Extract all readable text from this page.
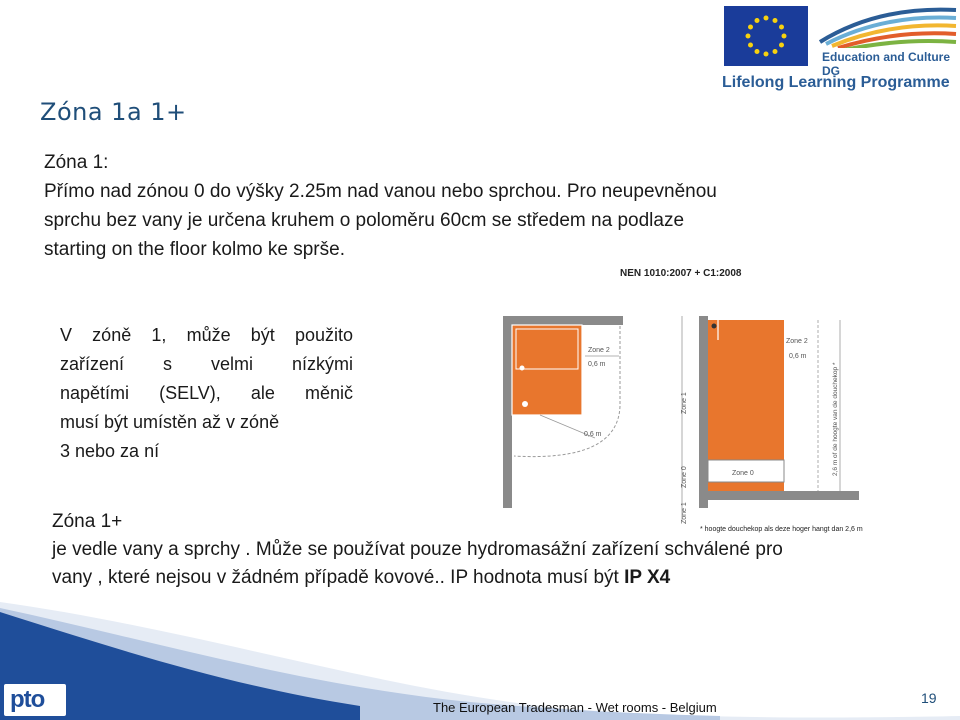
Education and Culture DG
Lifelong Learning Programme
Zóna 1a 1+
Zóna 1:
Přímo nad zónou 0 do výšky 2.25m nad vanou nebo sprchou. Pro neupevněnou
sprchu bez vany je určena kruhem o poloměru 60cm se středem na podlaze
starting on the floor kolmo ke sprše.
V zóně 1, může být použito
zařízení s velmi nízkými
napětími (SELV), ale měnič
musí být umístěn až v zóně
3 nebo za ní
NEN 1010:2007 + C1:2008
Zone 2
0,6 m
0,6 m
Zone 2
0,6 m
Zone 0
Zone 1
Zone 0
Zone 1
2,6 m of de hoogte van de douchekop *
* hoogte douchekop als deze hoger hangt dan 2,6 m
Zóna 1+
je vedle vany a sprchy . Může se používat pouze hydromasážní zařízení schválené pro
vany , které nejsou v žádném případě kovové.. IP hodnota musí být IP X4
pto	The European Tradesman - Wet rooms - Belgium
19
